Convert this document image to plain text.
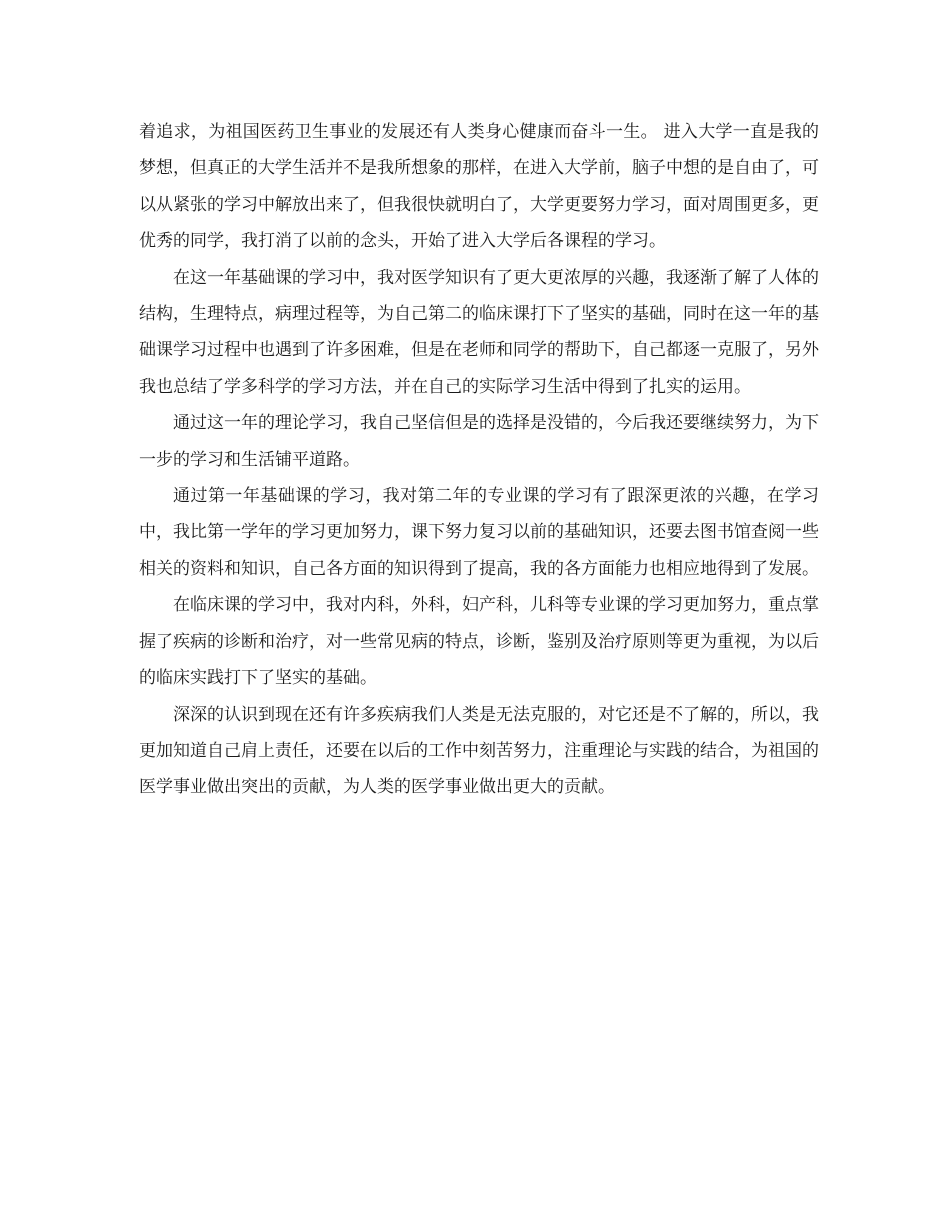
着追求，为祖国医药卫生事业的发展还有人类身心健康而奋斗一生。 进入大学一直是我的梦想，但真正的大学生活并不是我所想象的那样，在进入大学前，脑子中想的是自由了，可以从紧张的学习中解放出来了，但我很快就明白了，大学更要努力学习，面对周围更多，更优秀的同学，我打消了以前的念头，开始了进入大学后各课程的学习。

在这一年基础课的学习中，我对医学知识有了更大更浓厚的兴趣，我逐渐了解了人体的结构，生理特点，病理过程等，为自己第二的临床课打下了坚实的基础，同时在这一年的基础课学习过程中也遇到了许多困难，但是在老师和同学的帮助下，自己都逐一克服了，另外我也总结了学多科学的学习方法，并在自己的实际学习生活中得到了扎实的运用。

通过这一年的理论学习，我自己坚信但是的选择是没错的，今后我还要继续努力，为下一步的学习和生活铺平道路。

通过第一年基础课的学习，我对第二年的专业课的学习有了跟深更浓的兴趣，在学习中，我比第一学年的学习更加努力，课下努力复习以前的基础知识，还要去图书馆查阅一些相关的资料和知识，自己各方面的知识得到了提高，我的各方面能力也相应地得到了发展。

在临床课的学习中，我对内科，外科，妇产科，儿科等专业课的学习更加努力，重点掌握了疾病的诊断和治疗，对一些常见病的特点，诊断，鉴别及治疗原则等更为重视，为以后的临床实践打下了坚实的基础。

深深的认识到现在还有许多疾病我们人类是无法克服的，对它还是不了解的，所以，我更加知道自己肩上责任，还要在以后的工作中刻苦努力，注重理论与实践的结合，为祖国的医学事业做出突出的贡献，为人类的医学事业做出更大的贡献。
